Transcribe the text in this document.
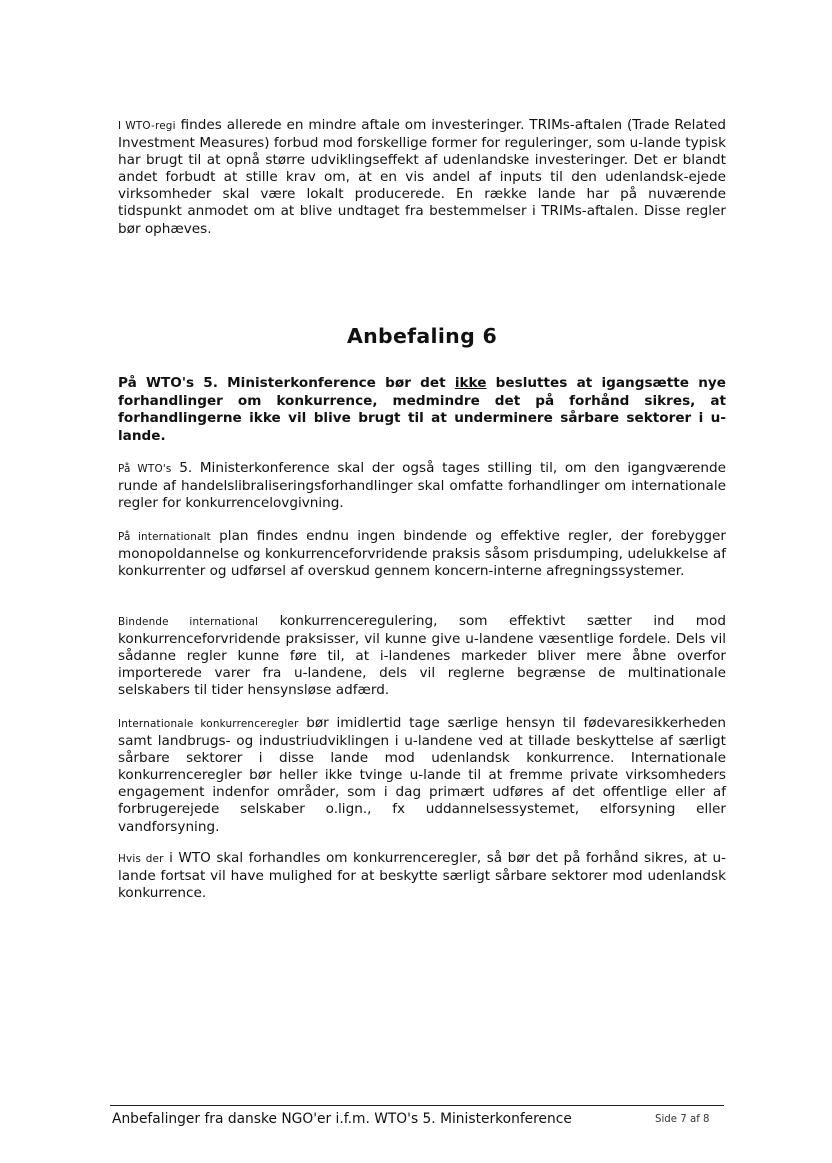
I WTO-regi findes allerede en mindre aftale om investeringer. TRIMs-aftalen (Trade Related Investment Measures) forbud mod forskellige former for reguleringer, som u-lande typisk har brugt til at opnå større udviklingseffekt af udenlandske investeringer. Det er blandt andet forbudt at stille krav om, at en vis andel af inputs til den udenlandsk-ejede virksomheder skal være lokalt producerede. En række lande har på nuværende tidspunkt anmodet om at blive undtaget fra bestemmelser i TRIMs-aftalen. Disse regler bør ophæves.

Anbefaling 6

På WTO's 5. Ministerkonference bør det ikke besluttes at igangsætte nye forhandlinger om konkurrence, medmindre det på forhånd sikres, at forhandlingerne ikke vil blive brugt til at underminere sårbare sektorer i u-lande.

På WTO's 5. Ministerkonference skal der også tages stilling til, om den igangværende runde af handelslibraliseringsforhandlinger skal omfatte forhandlinger om internationale regler for konkurrencelovgivning.

På internationalt plan findes endnu ingen bindende og effektive regler, der forebygger monopoldannelse og konkurrenceforvridende praksis såsom prisdumping, udelukkelse af konkurrenter og udførsel af overskud gennem koncern-interne afregningssystemer.

Bindende international konkurrenceregulering, som effektivt sætter ind mod konkurrenceforvridende praksisser, vil kunne give u-landene væsentlige fordele. Dels vil sådanne regler kunne føre til, at i-landenes markeder bliver mere åbne overfor importerede varer fra u-landene, dels vil reglerne begrænse de multinationale selskabers til tider hensynsløse adfærd.

Internationale konkurrenceregler bør imidlertid tage særlige hensyn til fødevaresikkerheden samt landbrugs- og industriudviklingen i u-landene ved at tillade beskyttelse af særligt sårbare sektorer i disse lande mod udenlandsk konkurrence. Internationale konkurrenceregler bør heller ikke tvinge u-lande til at fremme private virksomheders engagement indenfor områder, som i dag primært udføres af det offentlige eller af forbrugerejede selskaber o.lign., fx uddannelsessystemet, elforsyning eller vandforsyning.

Hvis der i WTO skal forhandles om konkurrenceregler, så bør det på forhånd sikres, at u-lande fortsat vil have mulighed for at beskytte særligt sårbare sektorer mod udenlandsk konkurrence.

Anbefalinger fra danske NGO'er i.f.m. WTO's 5. Ministerkonference	Side 7 af 8
